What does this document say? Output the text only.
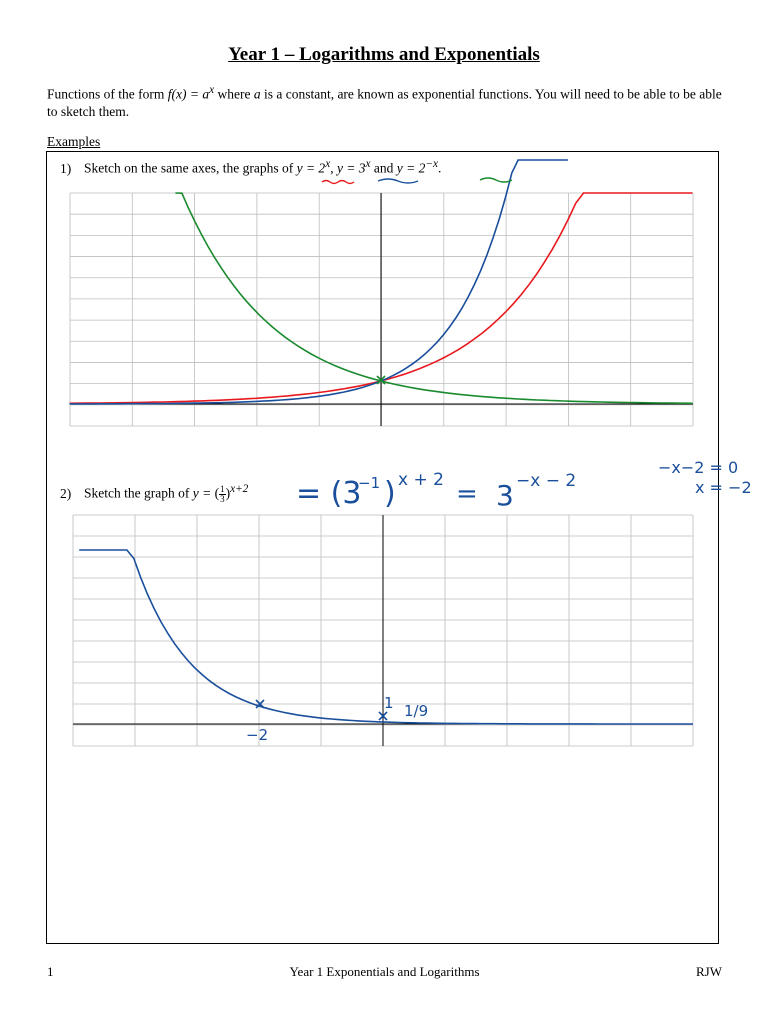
Year 1 – Logarithms and Exponentials
Functions of the form $f(x) = a^x$ where a is a constant, are known as exponential functions. You will need to be able to be able to sketch them.
Examples
1) Sketch on the same axes, the graphs of $y = 2^x$, $y = 3^x$ and $y = 2^{-x}$.
2) Sketch the graph of y = ( $\frac{1}{3} )^{x+2}$
−2
1 1/9
= (3
−1 ) x + 2 = 3 −x − 2
−x−2 = 0
x = −2
1	Year 1 Exponentials and Logarithms	RJW
